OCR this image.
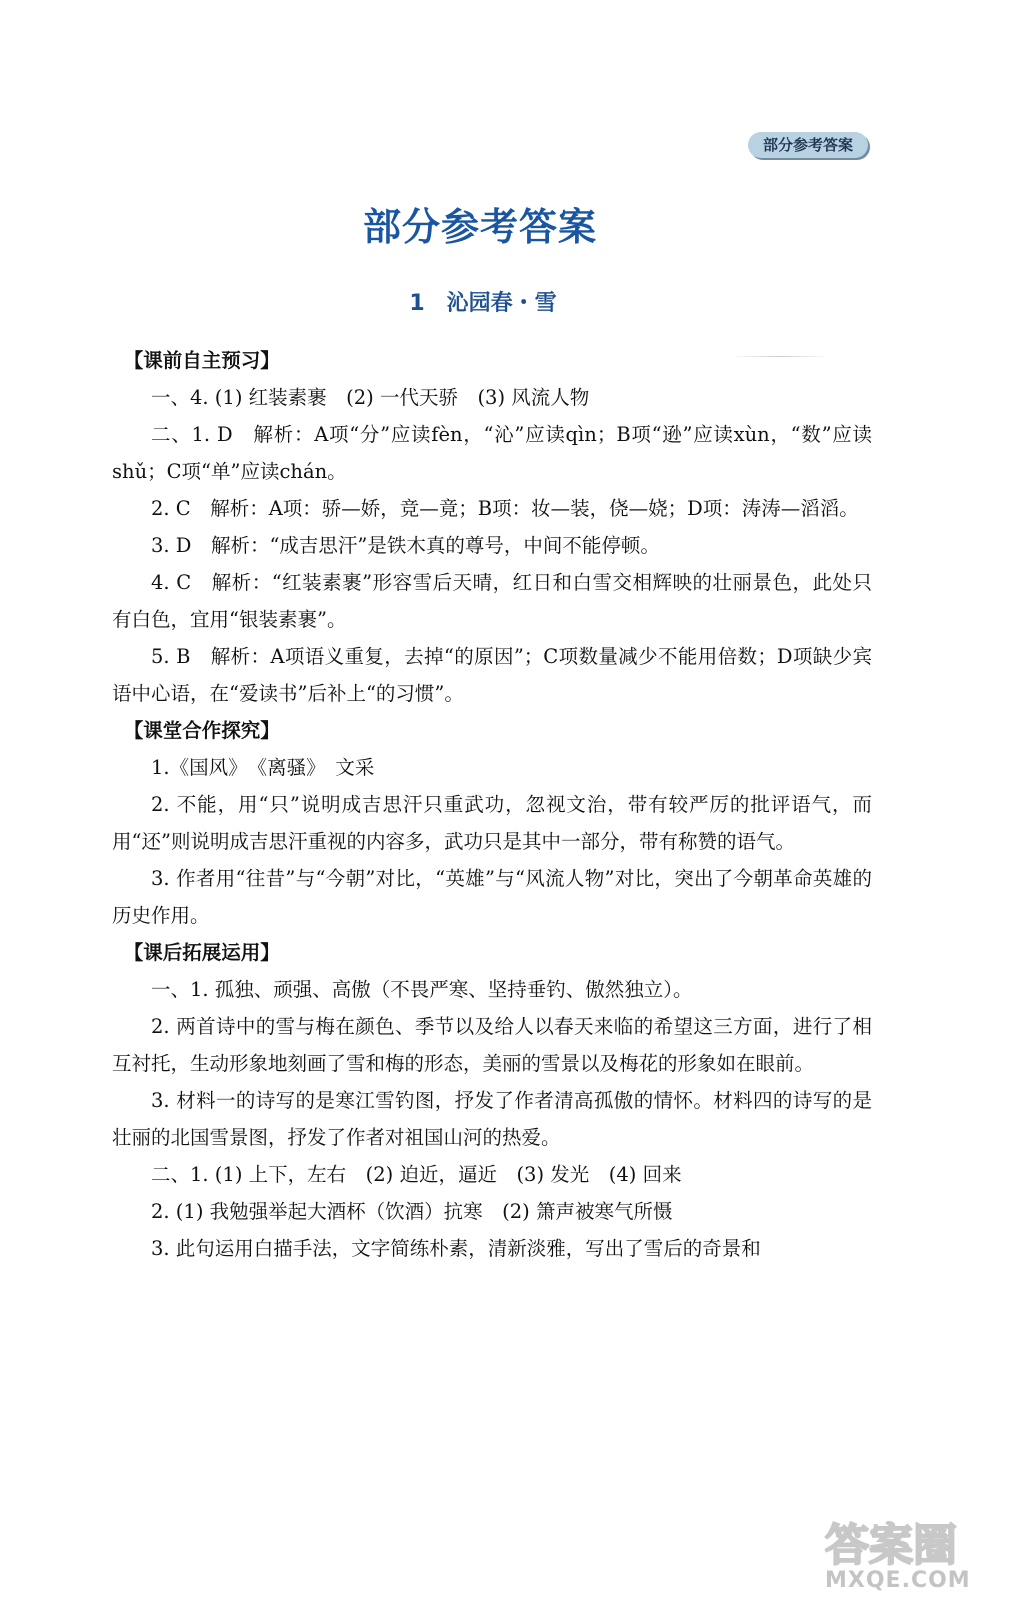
部分参考答案
部分参考答案
1 沁园春・雪

【课前自主预习】

一、4. (1) 红装素裹　(2) 一代天骄　(3) 风流人物

二、1. D　解析：A项“分”应读fèn，“沁”应读qìn；B项“逊”应读xùn，“数”应读shǔ；C项“单”应读chán。

2. C　解析：A项：骄—娇，竞—竟；B项：妆—装，侥—娆；D项：涛涛—滔滔。

3. D　解析：“成吉思汗”是铁木真的尊号，中间不能停顿。

4. C　解析：“红装素裹”形容雪后天晴，红日和白雪交相辉映的壮丽景色，此处只有白色，宜用“银装素裹”。

5. B　解析：A项语义重复，去掉“的原因”；C项数量减少不能用倍数；D项缺少宾语中心语，在“爱读书”后补上“的习惯”。

【课堂合作探究】

1.《国风》　《离骚》　文采

2. 不能，用“只”说明成吉思汗只重武功，忽视文治，带有较严厉的批评语气，而用“还”则说明成吉思汗重视的内容多，武功只是其中一部分，带有称赞的语气。

3. 作者用“往昔”与“今朝”对比，“英雄”与“风流人物”对比，突出了今朝革命英雄的历史作用。

【课后拓展运用】

一、1. 孤独、顽强、高傲（不畏严寒、坚持垂钓、傲然独立）。

2. 两首诗中的雪与梅在颜色、季节以及给人以春天来临的希望这三方面，进行了相互衬托，生动形象地刻画了雪和梅的形态，美丽的雪景以及梅花的形象如在眼前。

3. 材料一的诗写的是寒江雪钓图，抒发了作者清高孤傲的情怀。材料四的诗写的是壮丽的北国雪景图，抒发了作者对祖国山河的热爱。

二、1. (1) 上下，左右　(2) 迫近，逼近　(3) 发光　(4) 回来

2. (1) 我勉强举起大酒杯（饮酒）抗寒　(2) 箫声被寒气所慑

3. 此句运用白描手法，文字简练朴素，清新淡雅，写出了雪后的奇景和

答案圈
MXQE.COM
